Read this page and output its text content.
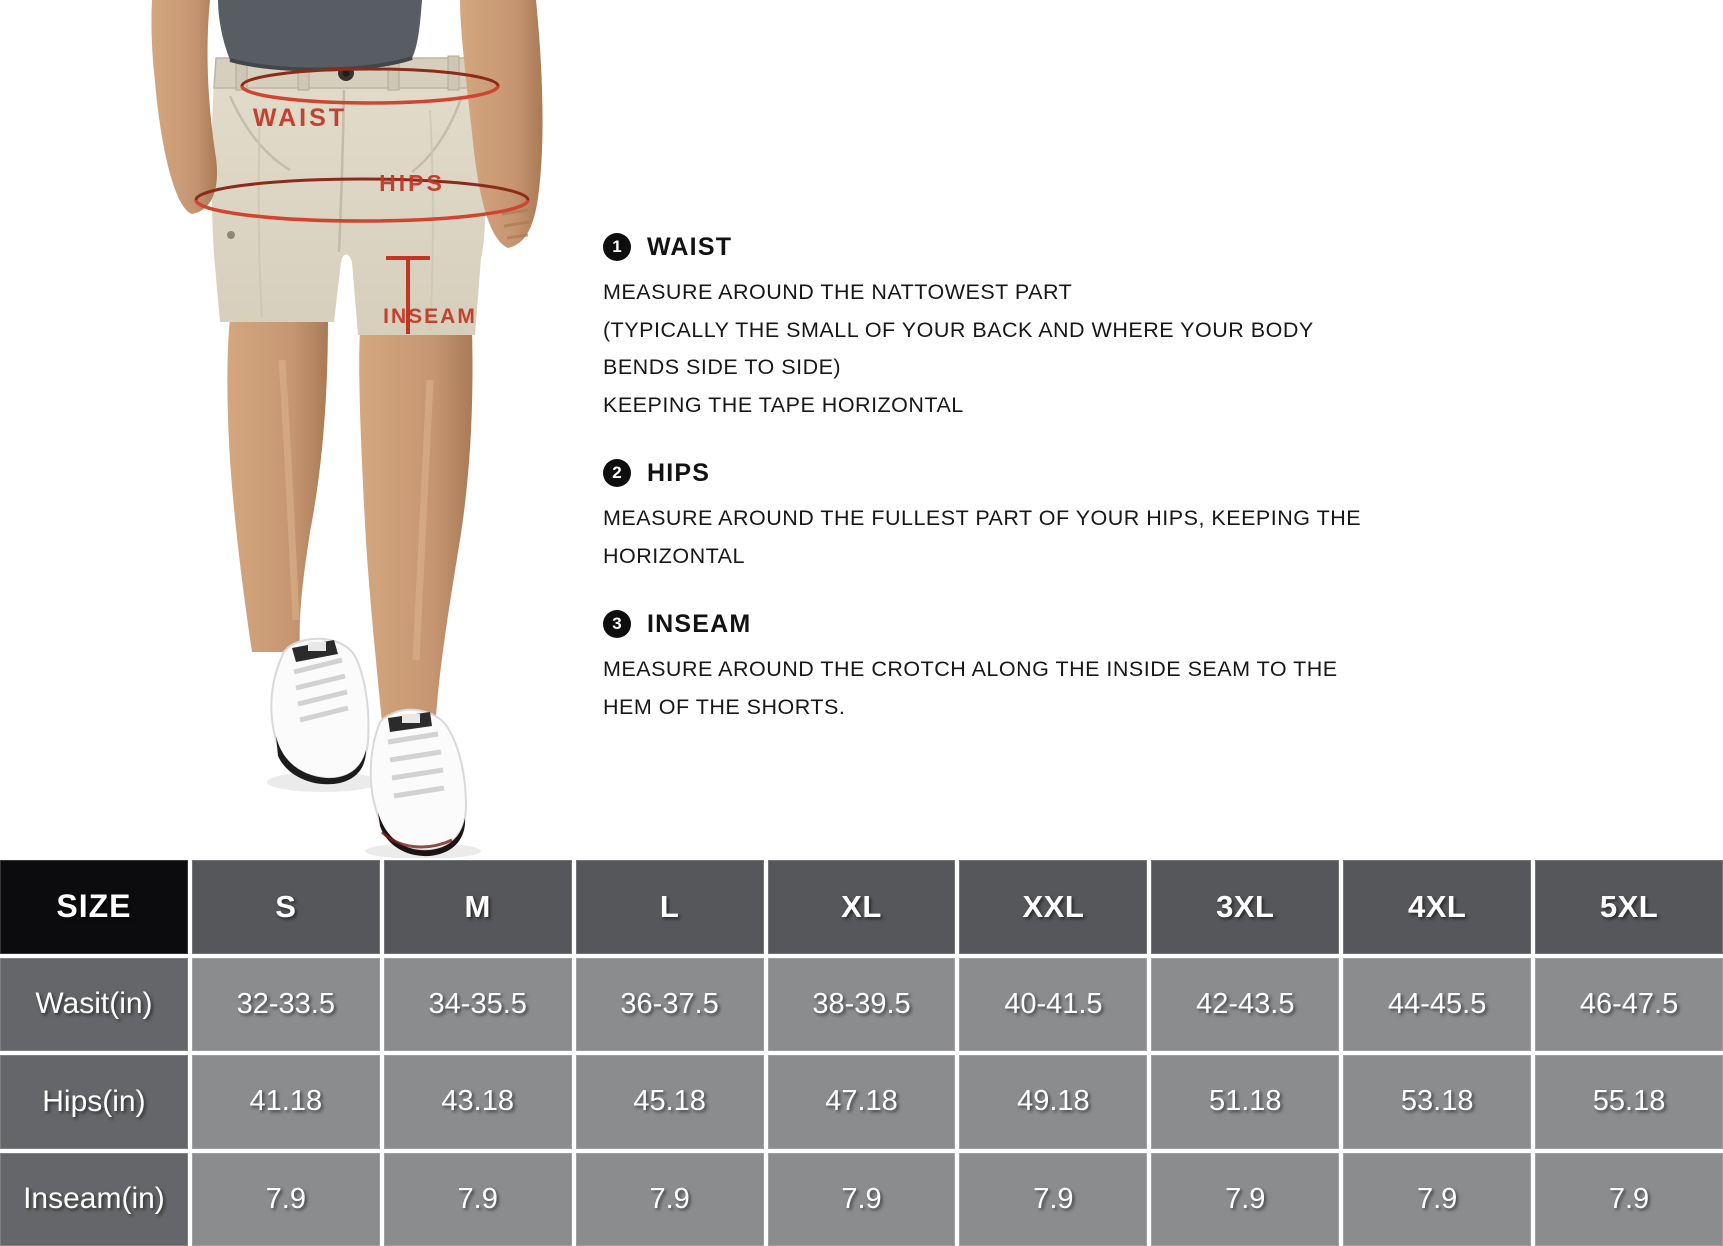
WAIST
HIPS
INSEAM
1	WAIST
MEASURE AROUND THE NATTOWEST PART
(TYPICALLY THE SMALL OF YOUR BACK AND WHERE YOUR BODY
BENDS SIDE TO SIDE)
KEEPING THE TAPE HORIZONTAL
2	HIPS
MEASURE AROUND THE FULLEST PART OF YOUR HIPS, KEEPING THE
HORIZONTAL
3	INSEAM
MEASURE AROUND THE CROTCH ALONG THE INSIDE SEAM TO THE
HEM OF THE SHORTS.
SIZE	S	M	L	XL	XXL	3XL	4XL	5XL
Wasit(in)	32-33.5	34-35.5	36-37.5	38-39.5	40-41.5	42-43.5	44-45.5	46-47.5
Hips(in)	41.18	43.18	45.18	47.18	49.18	51.18	53.18	55.18
Inseam(in)	7.9	7.9	7.9	7.9	7.9	7.9	7.9	7.9
